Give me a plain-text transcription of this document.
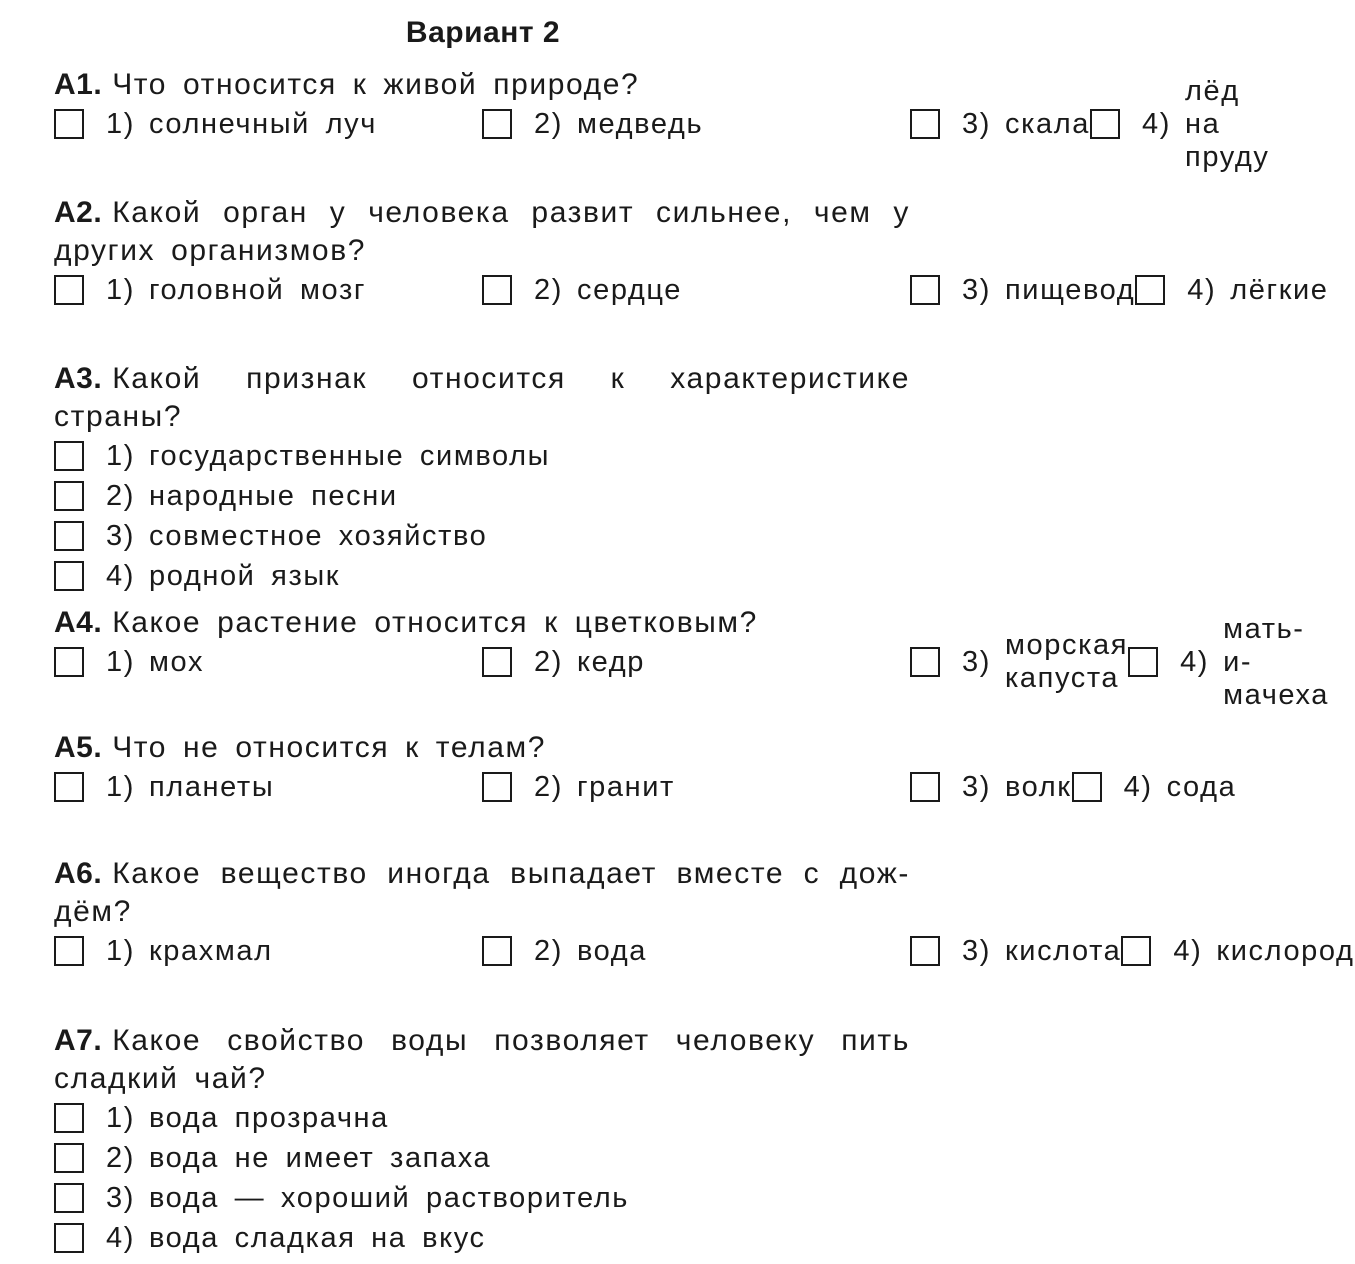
Вариант 2
А1. Что относится к живой природе?
1) солнечный луч	2) медведь	3) скала 4)
лёд на пруду
А2. Какой орган у человека развит сильнее, чем у других организмов?
1) головной мозг	2) сердце	3) пищевод 4) лёгкие
А3. Какой признак относится к характеристике страны?
1) государственные символы
2) народные песни
3) совместное хозяйство
4) родной язык
А4. Какое растение относится к цветковым?
1) мох	2) кедр	3)
морская капуста
4)
мать-и-мачеха
А5. Что не относится к телам?
1) планеты	2) гранит	3) волк 4) сода
А6. Какое вещество иногда выпадает вместе с дож-дём?
1) крахмал	2) вода	3) кислота 4) кислород
А7. Какое свойство воды позволяет человеку пить сладкий чай?
1) вода прозрачна
2) вода не имеет запаха
3) вода — хороший растворитель
4) вода сладкая на вкус
